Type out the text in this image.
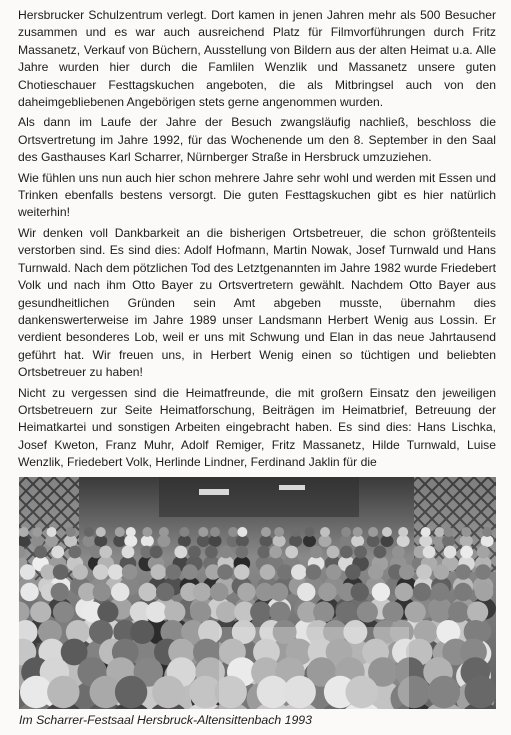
Hersbrucker Schulzentrum verlegt. Dort kamen in jenen Jahren mehr als 500 Besucher zusammen und es war auch ausreichend Platz für Filmvorführungen durch Fritz Massanetz, Verkauf von Büchern, Ausstellung von Bildern aus der alten Heimat u.a. Alle Jahre wurden hier durch die Famlilen Wenzlik und Massanetz unsere guten Chotieschauer Festtagskuchen angeboten, die als Mitbringsel auch von den daheimgebliebenen Angebörigen stets gerne angenommen wurden.

Als dann im Laufe der Jahre der Besuch zwangsläufig nachließ, beschloss die Ortsvertretung im Jahre 1992, für das Wochenende um den 8. September in den Saal des Gasthauses Karl Scharrer, Nürnberger Straße in Hersbruck umzuziehen.

Wie fühlen uns nun auch hier schon mehrere Jahre sehr wohl und werden mit Essen und Trinken ebenfalls bestens versorgt. Die guten Festtagskuchen gibt es hier natürlich weiterhin!

Wir denken voll Dankbarkeit an die bisherigen Ortsbetreuer, die schon größtenteils verstorben sind. Es sind dies: Adolf Hofmann, Martin Nowak, Josef Turnwald und Hans Turnwald. Nach dem pötzlichen Tod des Letztgenannten im Jahre 1982 wurde Friedebert Volk und nach ihm Otto Bayer zu Ortsvertretern gewählt. Nachdem Otto Bayer aus gesundheitlichen Gründen sein Amt abgeben musste, übernahm dies dankenswerterweise im Jahre 1989 unser Landsmann Herbert Wenig aus Lossin. Er verdient besonderes Lob, weil er uns mit Schwung und Elan in das neue Jahrtausend geführt hat. Wir freuen uns, in Herbert Wenig einen so tüchtigen und beliebten Ortsbetreuer zu haben!

Nicht zu vergessen sind die Heimatfreunde, die mit großern Einsatz den jeweiligen Ortsbetreuern zur Seite Heimatforschung, Beiträgen im Heimatbrief, Betreuung der Heimatkartei und sonstigen Arbeiten eingebracht haben. Es sind dies: Hans Lischka, Josef Kweton, Franz Muhr, Adolf Remiger, Fritz Massanetz, Hilde Turnwald, Luise Wenzlik, Friedebert Volk, Herlinde Lindner, Ferdinand Jaklin für die

Im Scharrer-Festsaal Hersbruck-Altensittenbach 1993
